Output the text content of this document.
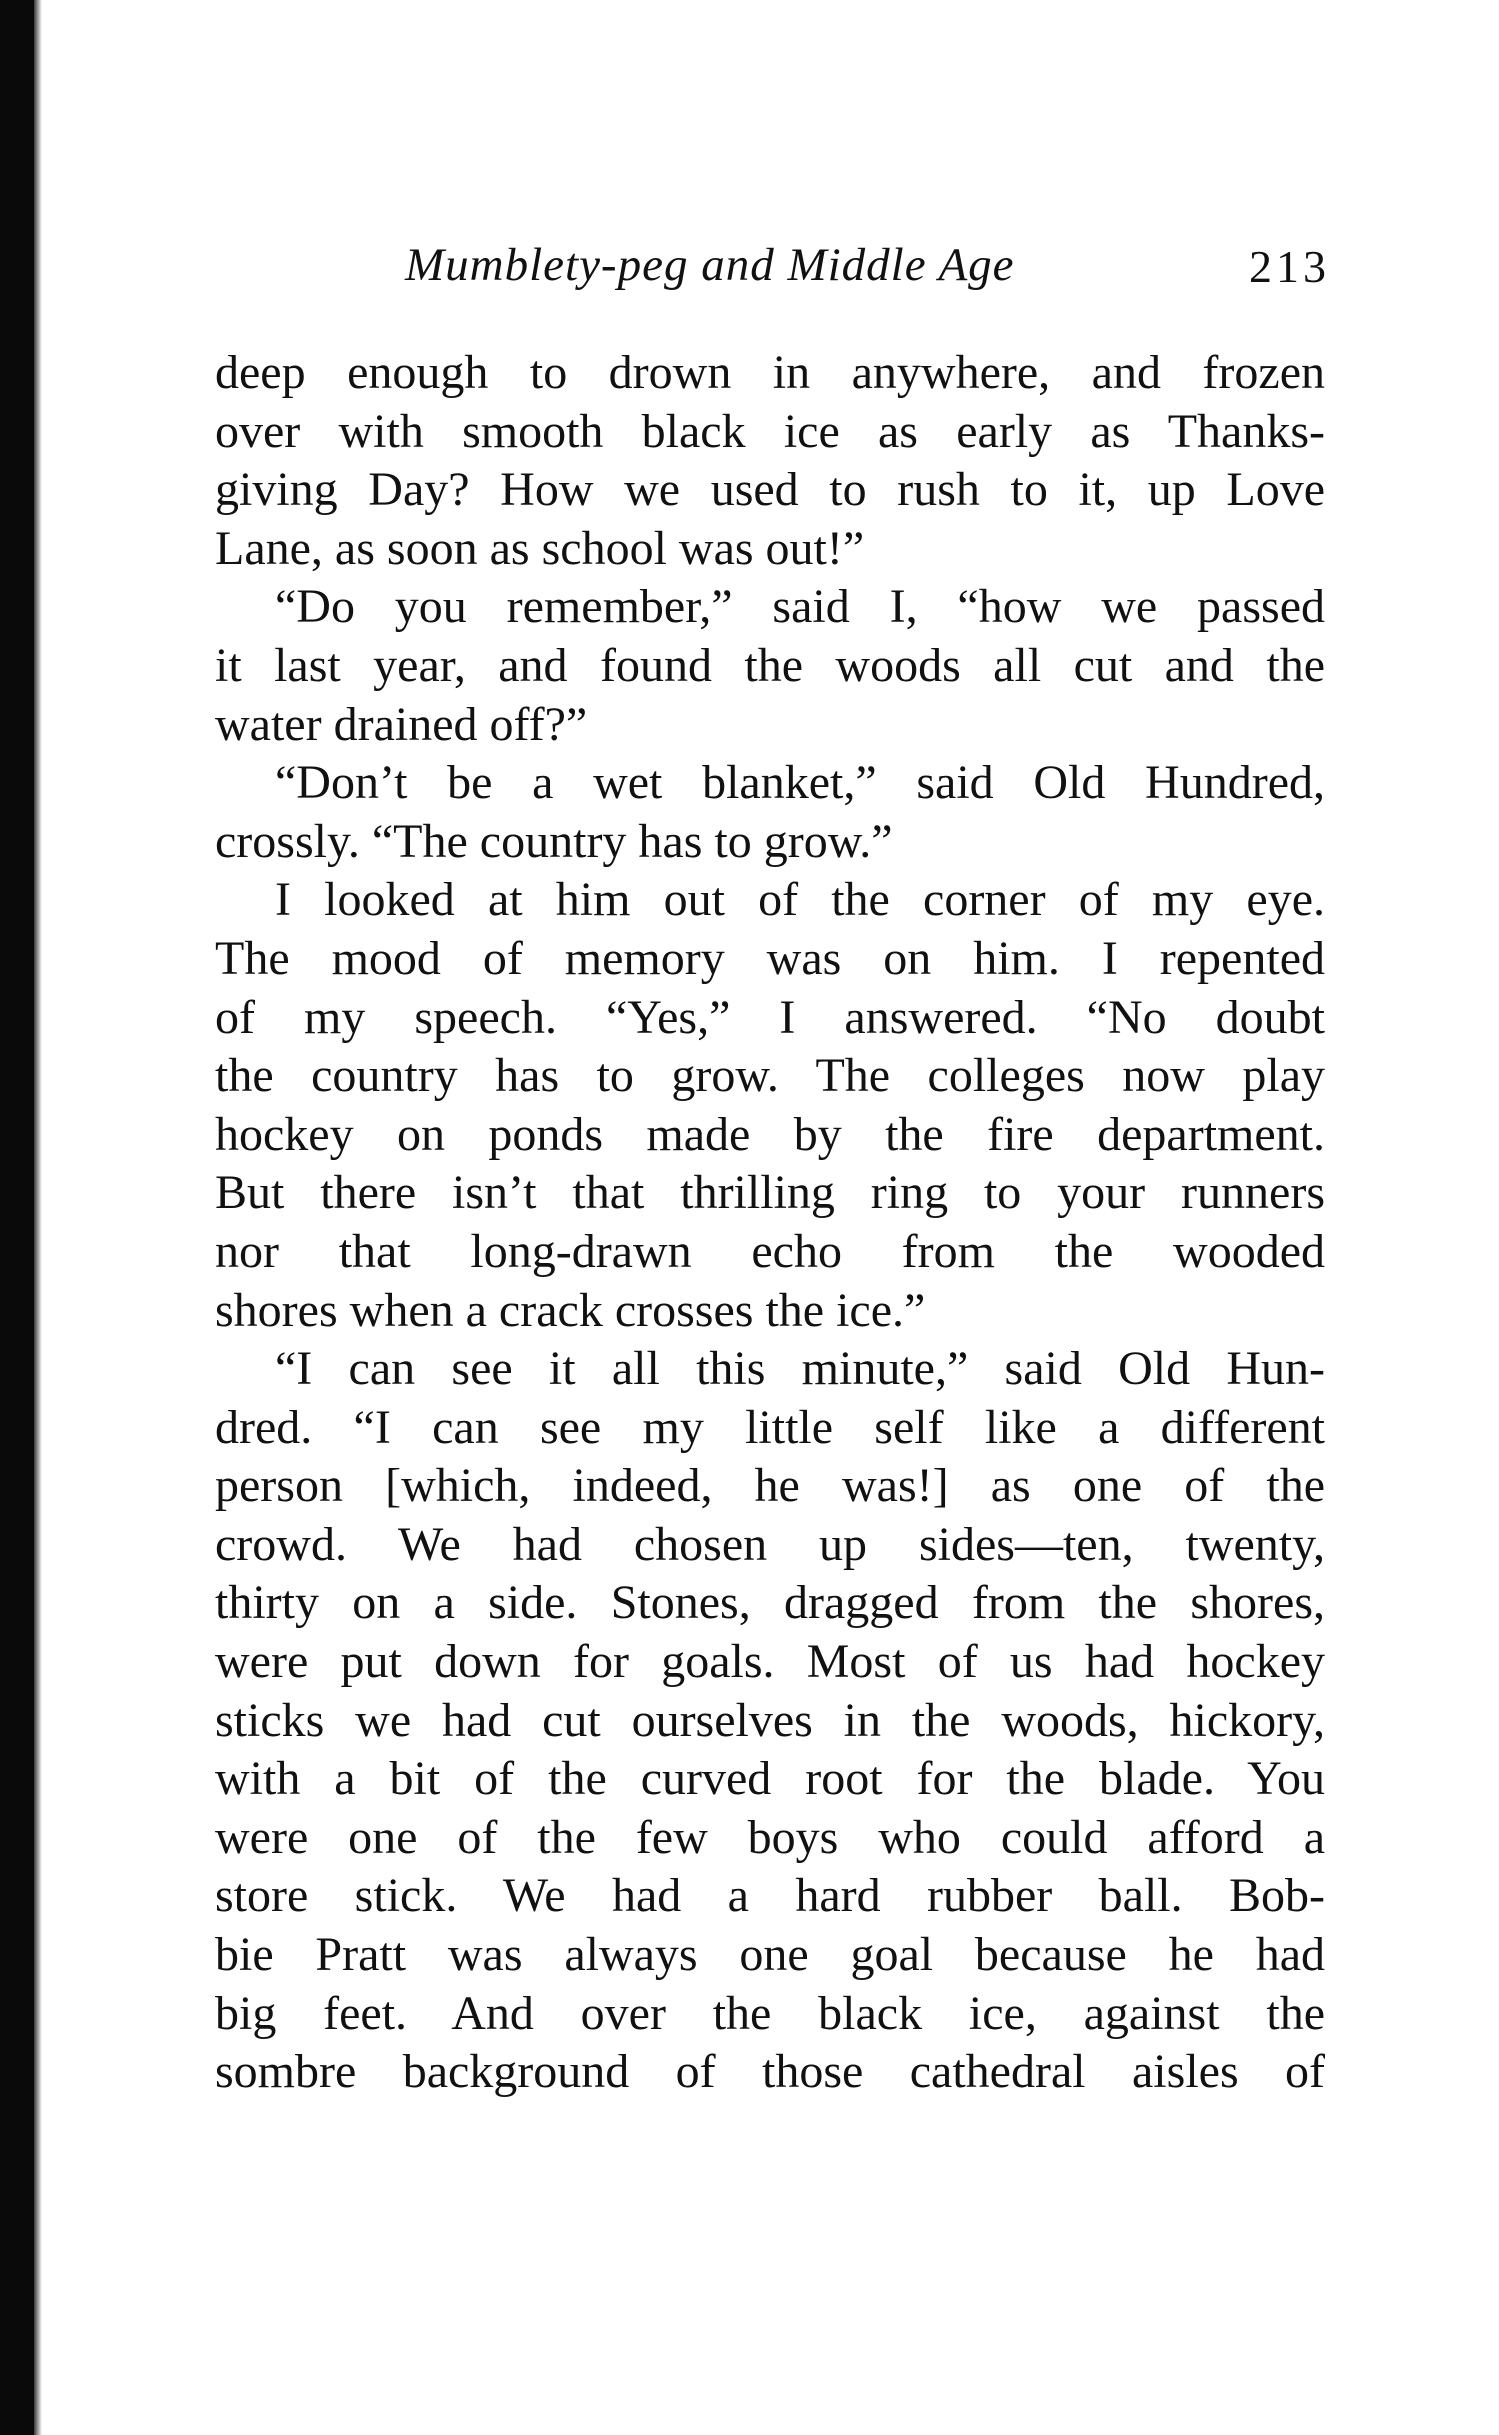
Mumblety-peg and Middle Age	213
deep enough to drown in anywhere, and frozen
over with smooth black ice as early as Thanks-
giving Day? How we used to rush to it, up Love
Lane, as soon as school was out!”
“Do you remember,” said I, “how we passed
it last year, and found the woods all cut and the
water drained off?”
“Don’t be a wet blanket,” said Old Hundred,
crossly. “The country has to grow.”
I looked at him out of the corner of my eye.
The mood of memory was on him. I repented
of my speech. “Yes,” I answered. “No doubt
the country has to grow. The colleges now play
hockey on ponds made by the fire department.
But there isn’t that thrilling ring to your runners
nor that long-drawn echo from the wooded
shores when a crack crosses the ice.”
“I can see it all this minute,” said Old Hun-
dred. “I can see my little self like a different
person [which, indeed, he was!] as one of the
crowd. We had chosen up sides—ten, twenty,
thirty on a side. Stones, dragged from the shores,
were put down for goals. Most of us had hockey
sticks we had cut ourselves in the woods, hickory,
with a bit of the curved root for the blade. You
were one of the few boys who could afford a
store stick. We had a hard rubber ball. Bob-
bie Pratt was always one goal because he had
big feet. And over the black ice, against the
sombre background of those cathedral aisles of
